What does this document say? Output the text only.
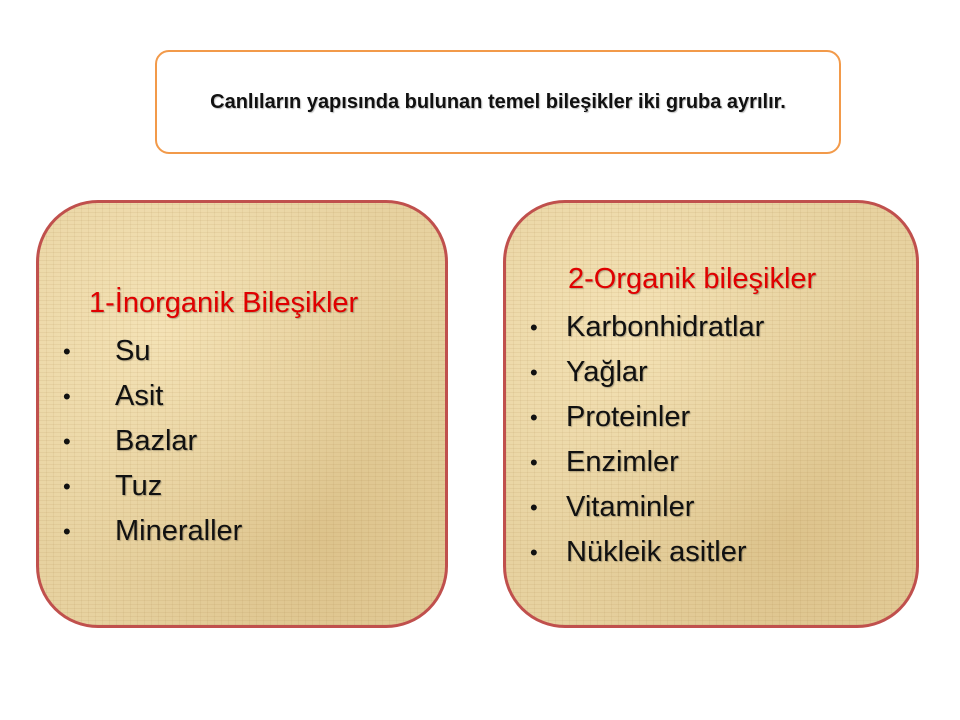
Canlıların yapısında bulunan temel bileşikler iki gruba ayrılır.
1-İnorganik Bileşikler
• Su
• Asit
• Bazlar
• Tuz
• Mineraller
2-Organik bileşikler
• Karbonhidratlar
• Yağlar
• Proteinler
• Enzimler
• Vitaminler
• Nükleik asitler
